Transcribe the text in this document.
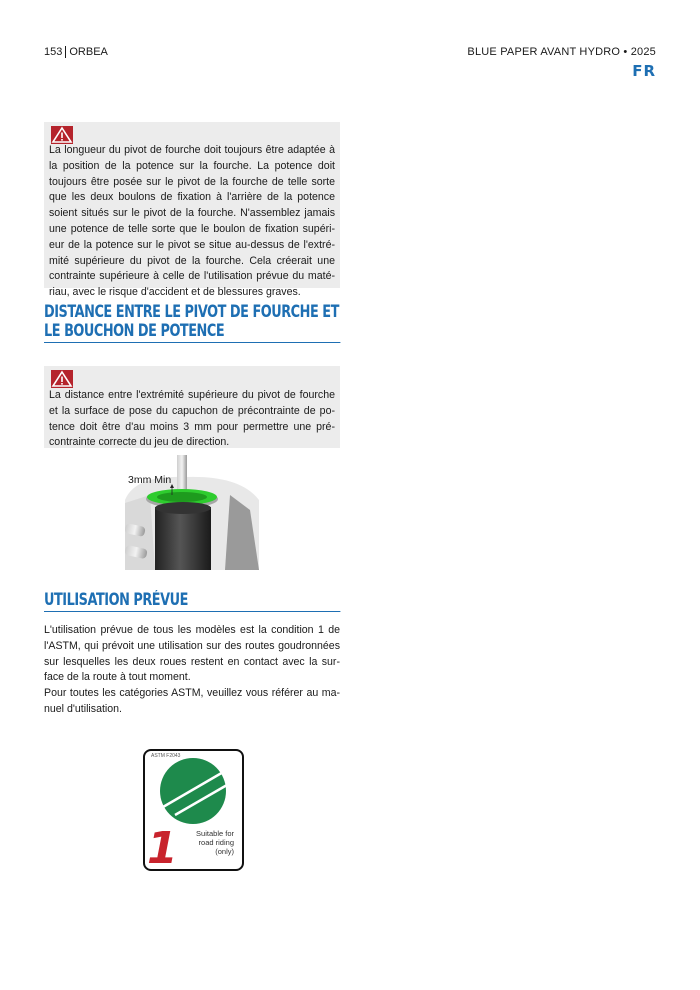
153 ORBEA	BLUE PAPER AVANT HYDRO • 2025
FR

La longueur du pivot de fourche doit toujours être adaptée à la position de la potence sur la fourche. La potence doit toujours être posée sur le pivot de la fourche de telle sorte que les deux boulons de fixation à l'arrière de la potence soient situés sur le pivot de la fourche. N'assemblez jamais une potence de telle sorte que le boulon de fixation supérieur de la potence sur le pivot se situe au-dessus de l'extrémité supérieure du pivot de la fourche. Cela créerait une contrainte supérieure à celle de l'utilisation prévue du matériau, avec le risque d'accident et de blessures graves.

DISTANCE ENTRE LE PIVOT DE FOURCHE ET LE BOUCHON DE POTENCE

La distance entre l'extrémité supérieure du pivot de fourche et la surface de pose du capuchon de précontrainte de potence doit être d'au moins 3 mm pour permettre une précontrainte correcte du jeu de direction.

3mm Min
UTILISATION PRÉVUE

L'utilisation prévue de tous les modèles est la condition 1 de l'ASTM, qui prévoit une utilisation sur des routes goudronnées sur lesquelles les deux roues restent en contact avec la surface de la route à tout moment.

Pour toutes les catégories ASTM, veuillez vous référer au manuel d'utilisation.

ASTM F2043
1 Suitable for
road riding
(only)
